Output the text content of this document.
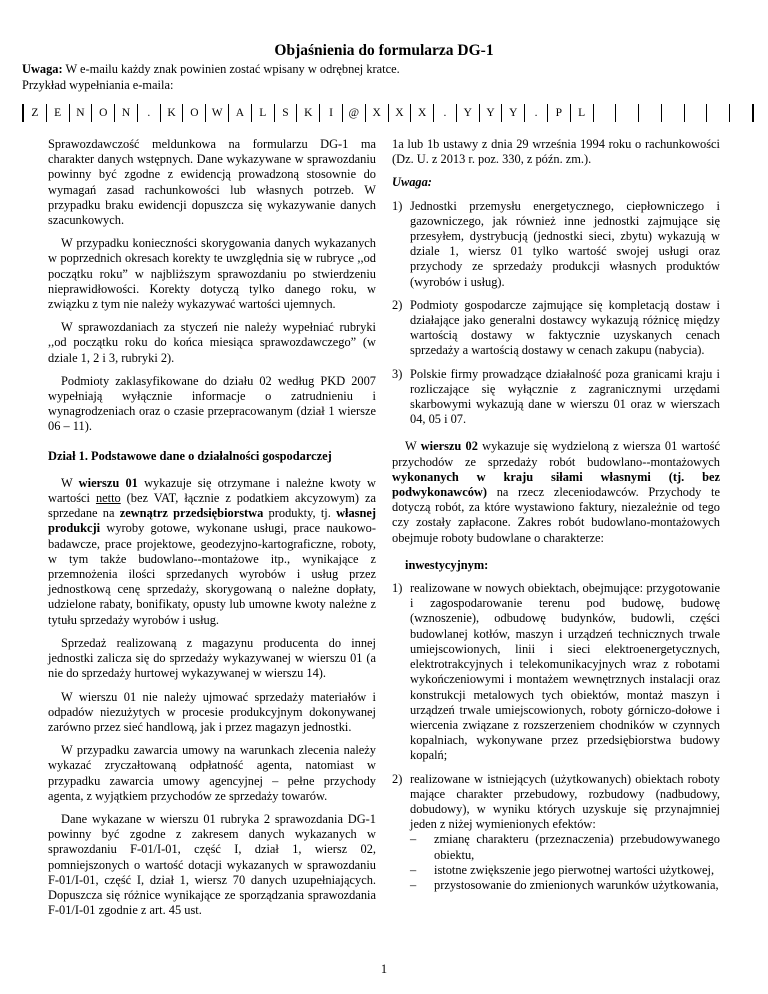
Objaśnienia do formularza DG-1
Uwaga: W e-mailu każdy znak powinien zostać wpisany w odrębnej kratce.
Przykład wypełniania e-maila:
Z	E	N	O	N	.	K	O	W	A	L	S	K	I	@	X	X	X	.	Y	Y	Y	.	P	L

Sprawozdawczość meldunkowa na formularzu DG-1 ma charakter danych wstępnych. Dane wykazywane w sprawozdaniu powinny być zgodne z ewidencją prowadzoną stosownie do wymagań zasad rachunkowości lub własnych potrzeb. W przypadku braku ewidencji dopuszcza się wykazywanie danych szacunkowych.

W przypadku konieczności skorygowania danych wykazanych w poprzednich okresach korekty te uwzględnia się w rubryce ,,od początku roku” w najbliższym sprawozdaniu po stwierdzeniu nieprawidłowości. Korekty dotyczą tylko danego roku, w związku z tym nie należy wykazywać wartości ujemnych.

W sprawozdaniach za styczeń nie należy wypełniać rubryki ,,od początku roku do końca miesiąca sprawozdawczego” (w dziale 1, 2 i 3, rubryki 2).

Podmioty zaklasyfikowane do działu 02 według PKD 2007 wypełniają wyłącznie informacje o zatrudnieniu i wynagrodzeniach oraz o czasie przepracowanym (dział 1 wiersze 06 – 11).

Dział 1. Podstawowe dane o działalności gospodarczej

W wierszu 01 wykazuje się otrzymane i należne kwoty w wartości netto (bez VAT, łącznie z podatkiem akcyzowym) za sprzedane na zewnątrz przedsiębiorstwa produkty, tj. własnej produkcji wyroby gotowe, wykonane usługi, prace naukowo-badawcze, prace projektowe, geodezyjno-kartograficzne, roboty, w tym także budowlano--montażowe itp., wynikające z przemnożenia ilości sprzedanych wyrobów i usług przez jednostkową cenę sprzedaży, skorygowaną o należne dopłaty, udzielone rabaty, bonifikaty, opusty lub umowne kwoty należne z tytułu sprzedaży wyrobów i usług.

Sprzedaż realizowaną z magazynu producenta do innej jednostki zalicza się do sprzedaży wykazywanej w wierszu 01 (a nie do sprzedaży hurtowej wykazywanej w wierszu 14).

W wierszu 01 nie należy ujmować sprzedaży materiałów i odpadów niezużytych w procesie produkcyjnym dokonywanej zarówno przez sieć handlową, jak i przez magazyn jednostki.

W przypadku zawarcia umowy na warunkach zlecenia należy wykazać zryczałtowaną odpłatność agenta, natomiast w przypadku zawarcia umowy agencyjnej – pełne przychody agenta, z wyjątkiem przychodów ze sprzedaży towarów.

Dane wykazane w wierszu 01 rubryka 2 sprawozdania DG-1 powinny być zgodne z zakresem danych wykazanych w sprawozdaniu F-01/I-01, część I, dział 1, wiersz 02, pomniejszonych o wartość dotacji wykazanych w sprawozdaniu F-01/I-01, część I, dział 1, wiersz 70 danych uzupełniających. Dopuszcza się różnice wynikające ze sporządzania sprawozdania F-01/I-01 zgodnie z art. 45 ust.

1a lub 1b ustawy z dnia 29 września 1994 roku o rachunkowości (Dz. U. z 2013 r. poz. 330, z późn. zm.).

Uwaga:
1) Jednostki przemysłu energetycznego, ciepłowniczego i gazowniczego, jak również inne jednostki zajmujące się przesyłem, dystrybucją (jednostki sieci, zbytu) wykazują w dziale 1, wiersz 01 tylko wartość swojej usługi oraz przychody ze sprzedaży produkcji własnych produktów (wyrobów i usług).
2) Podmioty gospodarcze zajmujące się kompletacją dostaw i działające jako generalni dostawcy wykazują różnicę między wartością dostawy w faktycznie uzyskanych cenach sprzedaży a wartością dostawy w cenach zakupu (nabycia).
3) Polskie firmy prowadzące działalność poza granicami kraju i rozliczające się wyłącznie z zagranicznymi urzędami skarbowymi wykazują dane w wierszu 01 oraz w wierszach 04, 05 i 07.

W wierszu 02 wykazuje się wydzieloną z wiersza 01 wartość przychodów ze sprzedaży robót budowlano--montażowych wykonanych w kraju siłami własnymi (tj. bez podwykonawców) na rzecz zleceniodawców. Przychody te dotyczą robót, za które wystawiono faktury, niezależnie od tego czy zostały zapłacone. Zakres robót budowlano-montażowych obejmuje roboty budowlane o charakterze:

inwestycyjnym:
1) realizowane w nowych obiektach, obejmujące: przygotowanie i zagospodarowanie terenu pod budowę, budowę (wznoszenie), odbudowę budynków, budowli, części budowlanej kotłów, maszyn i urządzeń technicznych trwale umiejscowionych, linii i sieci elektroenergetycznych, elektrotrakcyjnych i telekomunikacyjnych wraz z robotami wykończeniowymi i montażem wewnętrznych instalacji oraz konstrukcji metalowych tych obiektów, montaż maszyn i urządzeń trwale umiejscowionych, roboty górniczo-dołowe i wiercenia związane z rozszerzeniem chodników w czynnych kopalniach, wykonywane przez przedsiębiorstwa budowy kopalń;
2) realizowane w istniejących (użytkowanych) obiektach roboty mające charakter przebudowy, rozbudowy (nadbudowy, dobudowy), w wyniku których uzyskuje się przynajmniej jeden z niżej wymienionych efektów:
– zmianę charakteru (przeznaczenia) przebudowywanego obiektu,
– istotne zwiększenie jego pierwotnej wartości użytkowej,
– przystosowanie do zmienionych warunków użytkowania,
1
